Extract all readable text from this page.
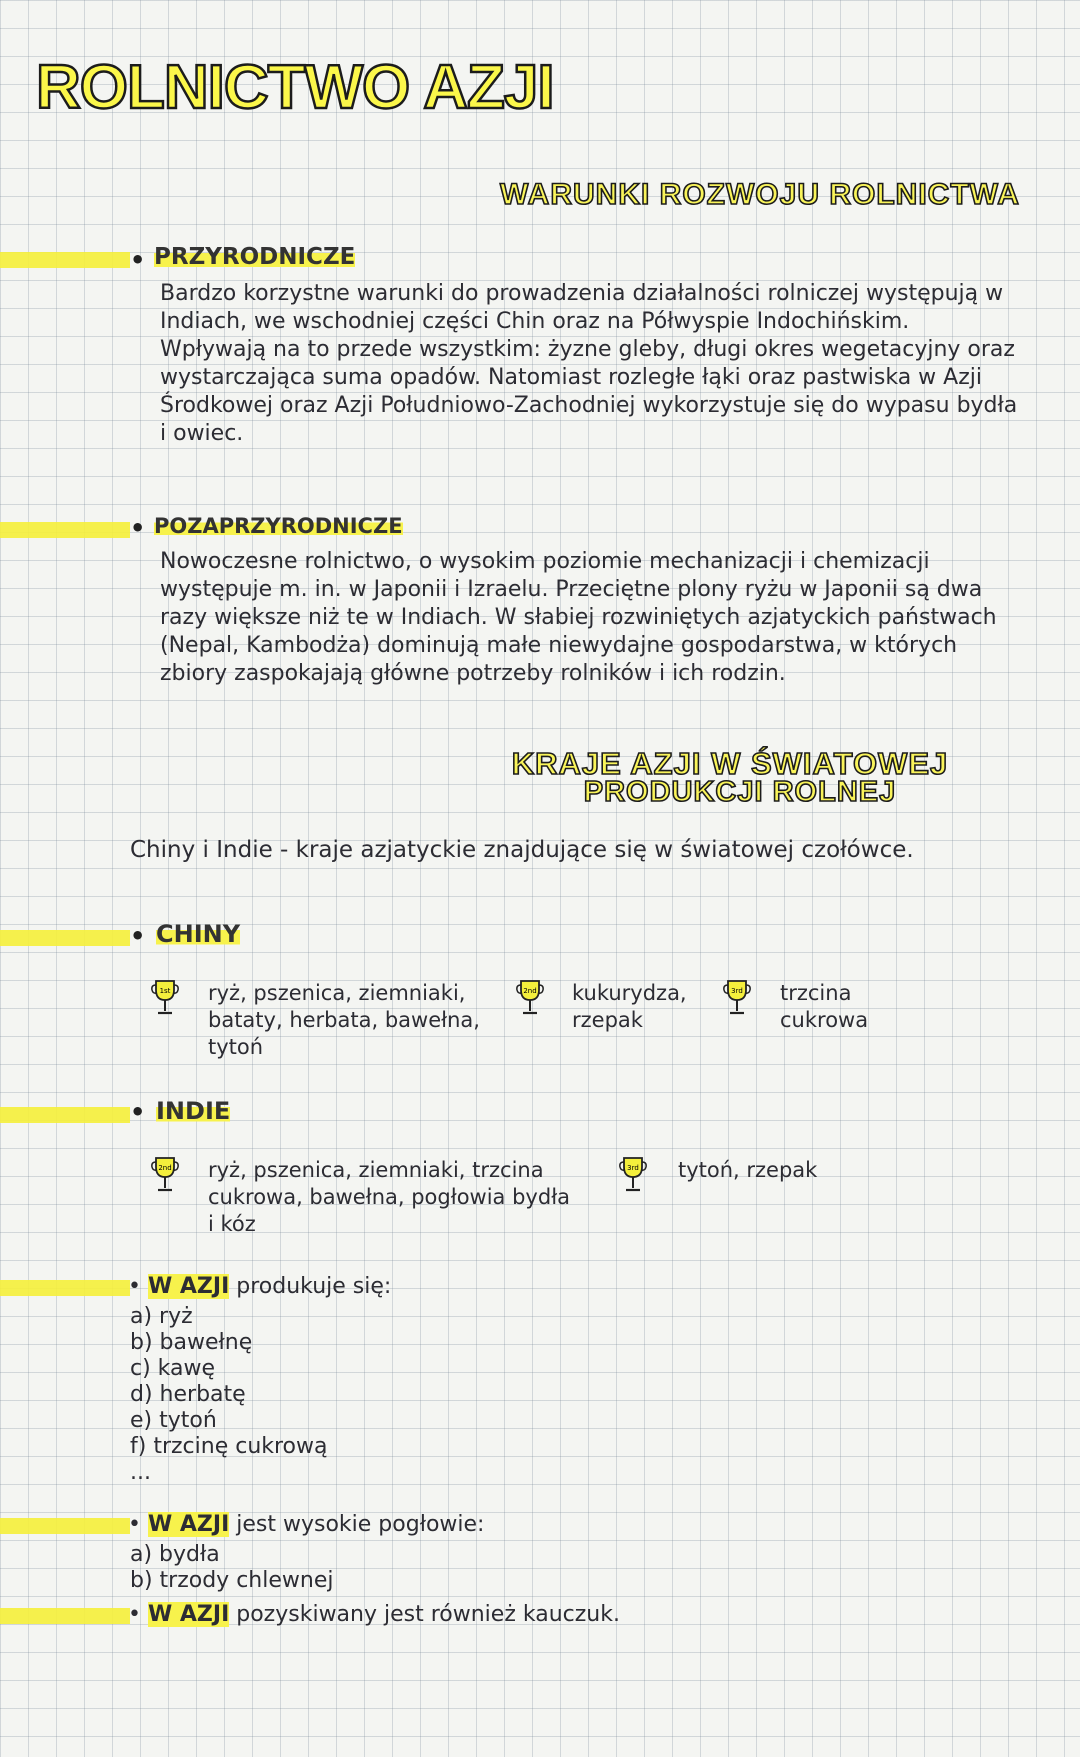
ROLNICTWO AZJI
WARUNKI ROZWOJU ROLNICTWA
• PRZYRODNICZE
Bardzo korzystne warunki do prowadzenia działalności rolniczej występują w Indiach, we wschodniej części Chin oraz na Półwyspie Indochińskim. Wpływają na to przede wszystkim: żyzne gleby, długi okres wegetacyjny oraz wystarczająca suma opadów. Natomiast rozległe łąki oraz pastwiska w Azji Środkowej oraz Azji Południowo-Zachodniej wykorzystuje się do wypasu bydła i owiec.
• POZAPRZYRODNICZE
Nowoczesne rolnictwo, o wysokim poziomie mechanizacji i chemizacji występuje m. in. w Japonii i Izraelu. Przeciętne plony ryżu w Japonii są dwa razy większe niż te w Indiach. W słabiej rozwiniętych azjatyckich państwach (Nepal, Kambodża) dominują małe niewydajne gospodarstwa, w których zbiory zaspokajają główne potrzeby rolników i ich rodzin.
KRAJE AZJI W ŚWIATOWEJ
PRODUKCJI ROLNEJ
Chiny i Indie - kraje azjatyckie znajdujące się w światowej czołówce.
• CHINY
1st ryż, pszenica, ziemniaki,
bataty, herbata, bawełna,
tytoń
2nd kukurydza,
rzepak
3rd trzcina
cukrowa
• INDIE
2nd ryż, pszenica, ziemniaki, trzcina
cukrowa, bawełna, pogłowia bydła
i kóz
3rd tytoń, rzepak
• W AZJI produkuje się:
a) ryż
b) bawełnę
c) kawę
d) herbatę
e) tytoń
f) trzcinę cukrową
...
• W AZJI jest wysokie pogłowie:
a) bydła
b) trzody chlewnej
• W AZJI pozyskiwany jest również kauczuk.
